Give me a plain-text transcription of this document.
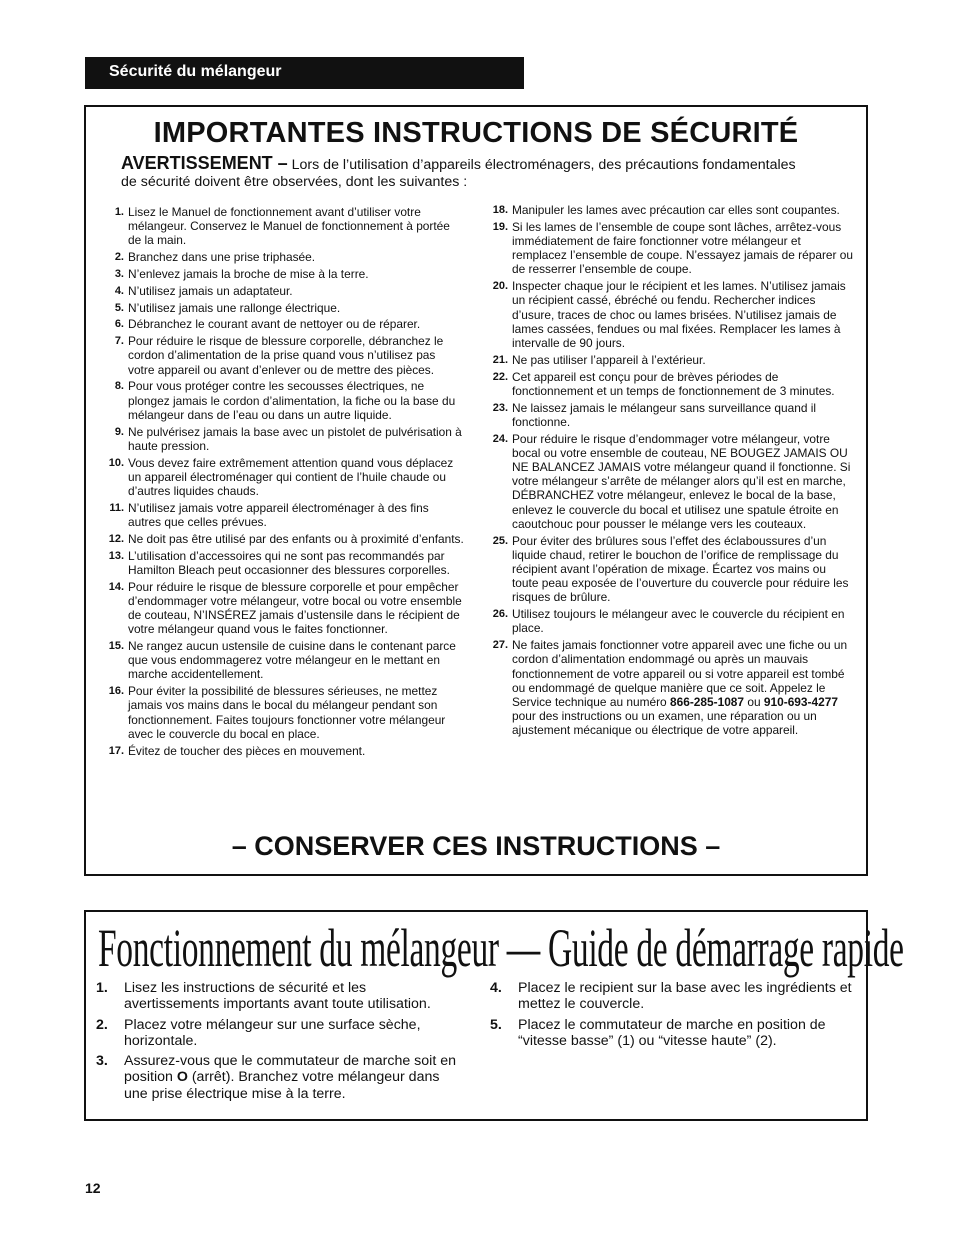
Sécurité du mélangeur
IMPORTANTES INSTRUCTIONS DE SÉCURITÉ
AVERTISSEMENT – Lors de l’utilisation d’appareils électroménagers, des précautions fondamentales de sécurité doivent être observées, dont les suivantes :
1. Lisez le Manuel de fonctionnement avant d’utiliser votre mélangeur. Conservez le Manuel de fonctionnement à portée de la main.
2. Branchez dans une prise triphasée.
3. N’enlevez jamais la broche de mise à la terre.
4. N’utilisez jamais un adaptateur.
5. N’utilisez jamais une rallonge électrique.
6. Débranchez le courant avant de nettoyer ou de réparer.
7. Pour réduire le risque de blessure corporelle, débranchez le cordon d’alimentation de la prise quand vous n’utilisez pas votre appareil ou avant d’enlever ou de mettre des pièces.
8. Pour vous protéger contre les secousses électriques, ne plongez jamais le cordon d’alimentation, la fiche ou la base du mélangeur dans de l’eau ou dans un autre liquide.
9. Ne pulvérisez jamais la base avec un pistolet de pulvérisation à haute pression.
10. Vous devez faire extrêmement attention quand vous déplacez un appareil électroménager qui contient de l’huile chaude ou d’autres liquides chauds.
11. N’utilisez jamais votre appareil électroménager à des fins autres que celles prévues.
12. Ne doit pas être utilisé par des enfants ou à proximité d’enfants.
13. L’utilisation d’accessoires qui ne sont pas recommandés par Hamilton Bleach peut occasionner des blessures corporelles.
14. Pour réduire le risque de blessure corporelle et pour empêcher d’endommager votre mélangeur, votre bocal ou votre ensemble de couteau, N’INSÉREZ jamais d’ustensile dans le récipient de votre mélangeur quand vous le faites fonctionner.
15. Ne rangez aucun ustensile de cuisine dans le contenant parce que vous endommagerez votre mélangeur en le mettant en marche accidentellement.
16. Pour éviter la possibilité de blessures sérieuses, ne mettez jamais vos mains dans le bocal du mélangeur pendant son fonctionnement. Faites toujours fonctionner votre mélangeur avec le couvercle du bocal en place.
17. Évitez de toucher des pièces en mouvement.
18. Manipuler les lames avec précaution car elles sont coupantes.
19. Si les lames de l’ensemble de coupe sont lâches, arrêtez-vous immédiatement de faire fonctionner votre mélangeur et remplacez l’ensemble de coupe. N’essayez jamais de réparer ou de resserrer l’ensemble de coupe.
20. Inspecter chaque jour le récipient et les lames. N’utilisez jamais un récipient cassé, ébréché ou fendu. Rechercher indices d’usure, traces de choc ou lames brisées. N’utilisez jamais de lames cassées, fendues ou mal fixées. Remplacer les lames à intervalle de 90 jours.
21. Ne pas utiliser l’appareil à l’extérieur.
22. Cet appareil est conçu pour de brèves périodes de fonctionnement et un temps de fonctionnement de 3 minutes.
23. Ne laissez jamais le mélangeur sans surveillance quand il fonctionne.
24. Pour réduire le risque d’endommager votre mélangeur, votre bocal ou votre ensemble de couteau, NE BOUGEZ JAMAIS OU NE BALANCEZ JAMAIS votre mélangeur quand il fonctionne. Si votre mélangeur s’arrête de mélanger alors qu’il est en marche, DÉBRANCHEZ votre mélangeur, enlevez le bocal de la base, enlevez le couvercle du bocal et utilisez une spatule étroite en caoutchouc pour pousser le mélange vers les couteaux.
25. Pour éviter des brûlures sous l’effet des éclaboussures d’un liquide chaud, retirer le bouchon de l’orifice de remplissage du récipient avant l’opération de mixage. Écartez vos mains ou toute peau exposée de l’ouverture du couvercle pour réduire les risques de brûlure.
26. Utilisez toujours le mélangeur avec le couvercle du récipient en place.
27. Ne faites jamais fonctionner votre appareil avec une fiche ou un cordon d’alimentation endommagé ou après un mauvais fonctionnement de votre appareil ou si votre appareil est tombé ou endommagé de quelque manière que ce soit. Appelez le Service technique au numéro 866-285-1087 ou 910-693-4277 pour des instructions ou un examen, une réparation ou un ajustement mécanique ou électrique de votre appareil.
– CONSERVER CES INSTRUCTIONS –
Fonctionnement du mélangeur — Guide de démarrage rapide
1.	Lisez les instructions de sécurité et les avertissements importants avant toute utilisation.
2.	Placez votre mélangeur sur une surface sèche, horizontale.
3.	Assurez-vous que le commutateur de marche soit en position O (arrêt). Branchez votre mélangeur dans une prise électrique mise à la terre.
4.	Placez le recipient sur la base avec les ingrédients et mettez le couvercle.
5.	Placez le commutateur de marche en position de “vitesse basse” (1) ou “vitesse haute” (2).
12
